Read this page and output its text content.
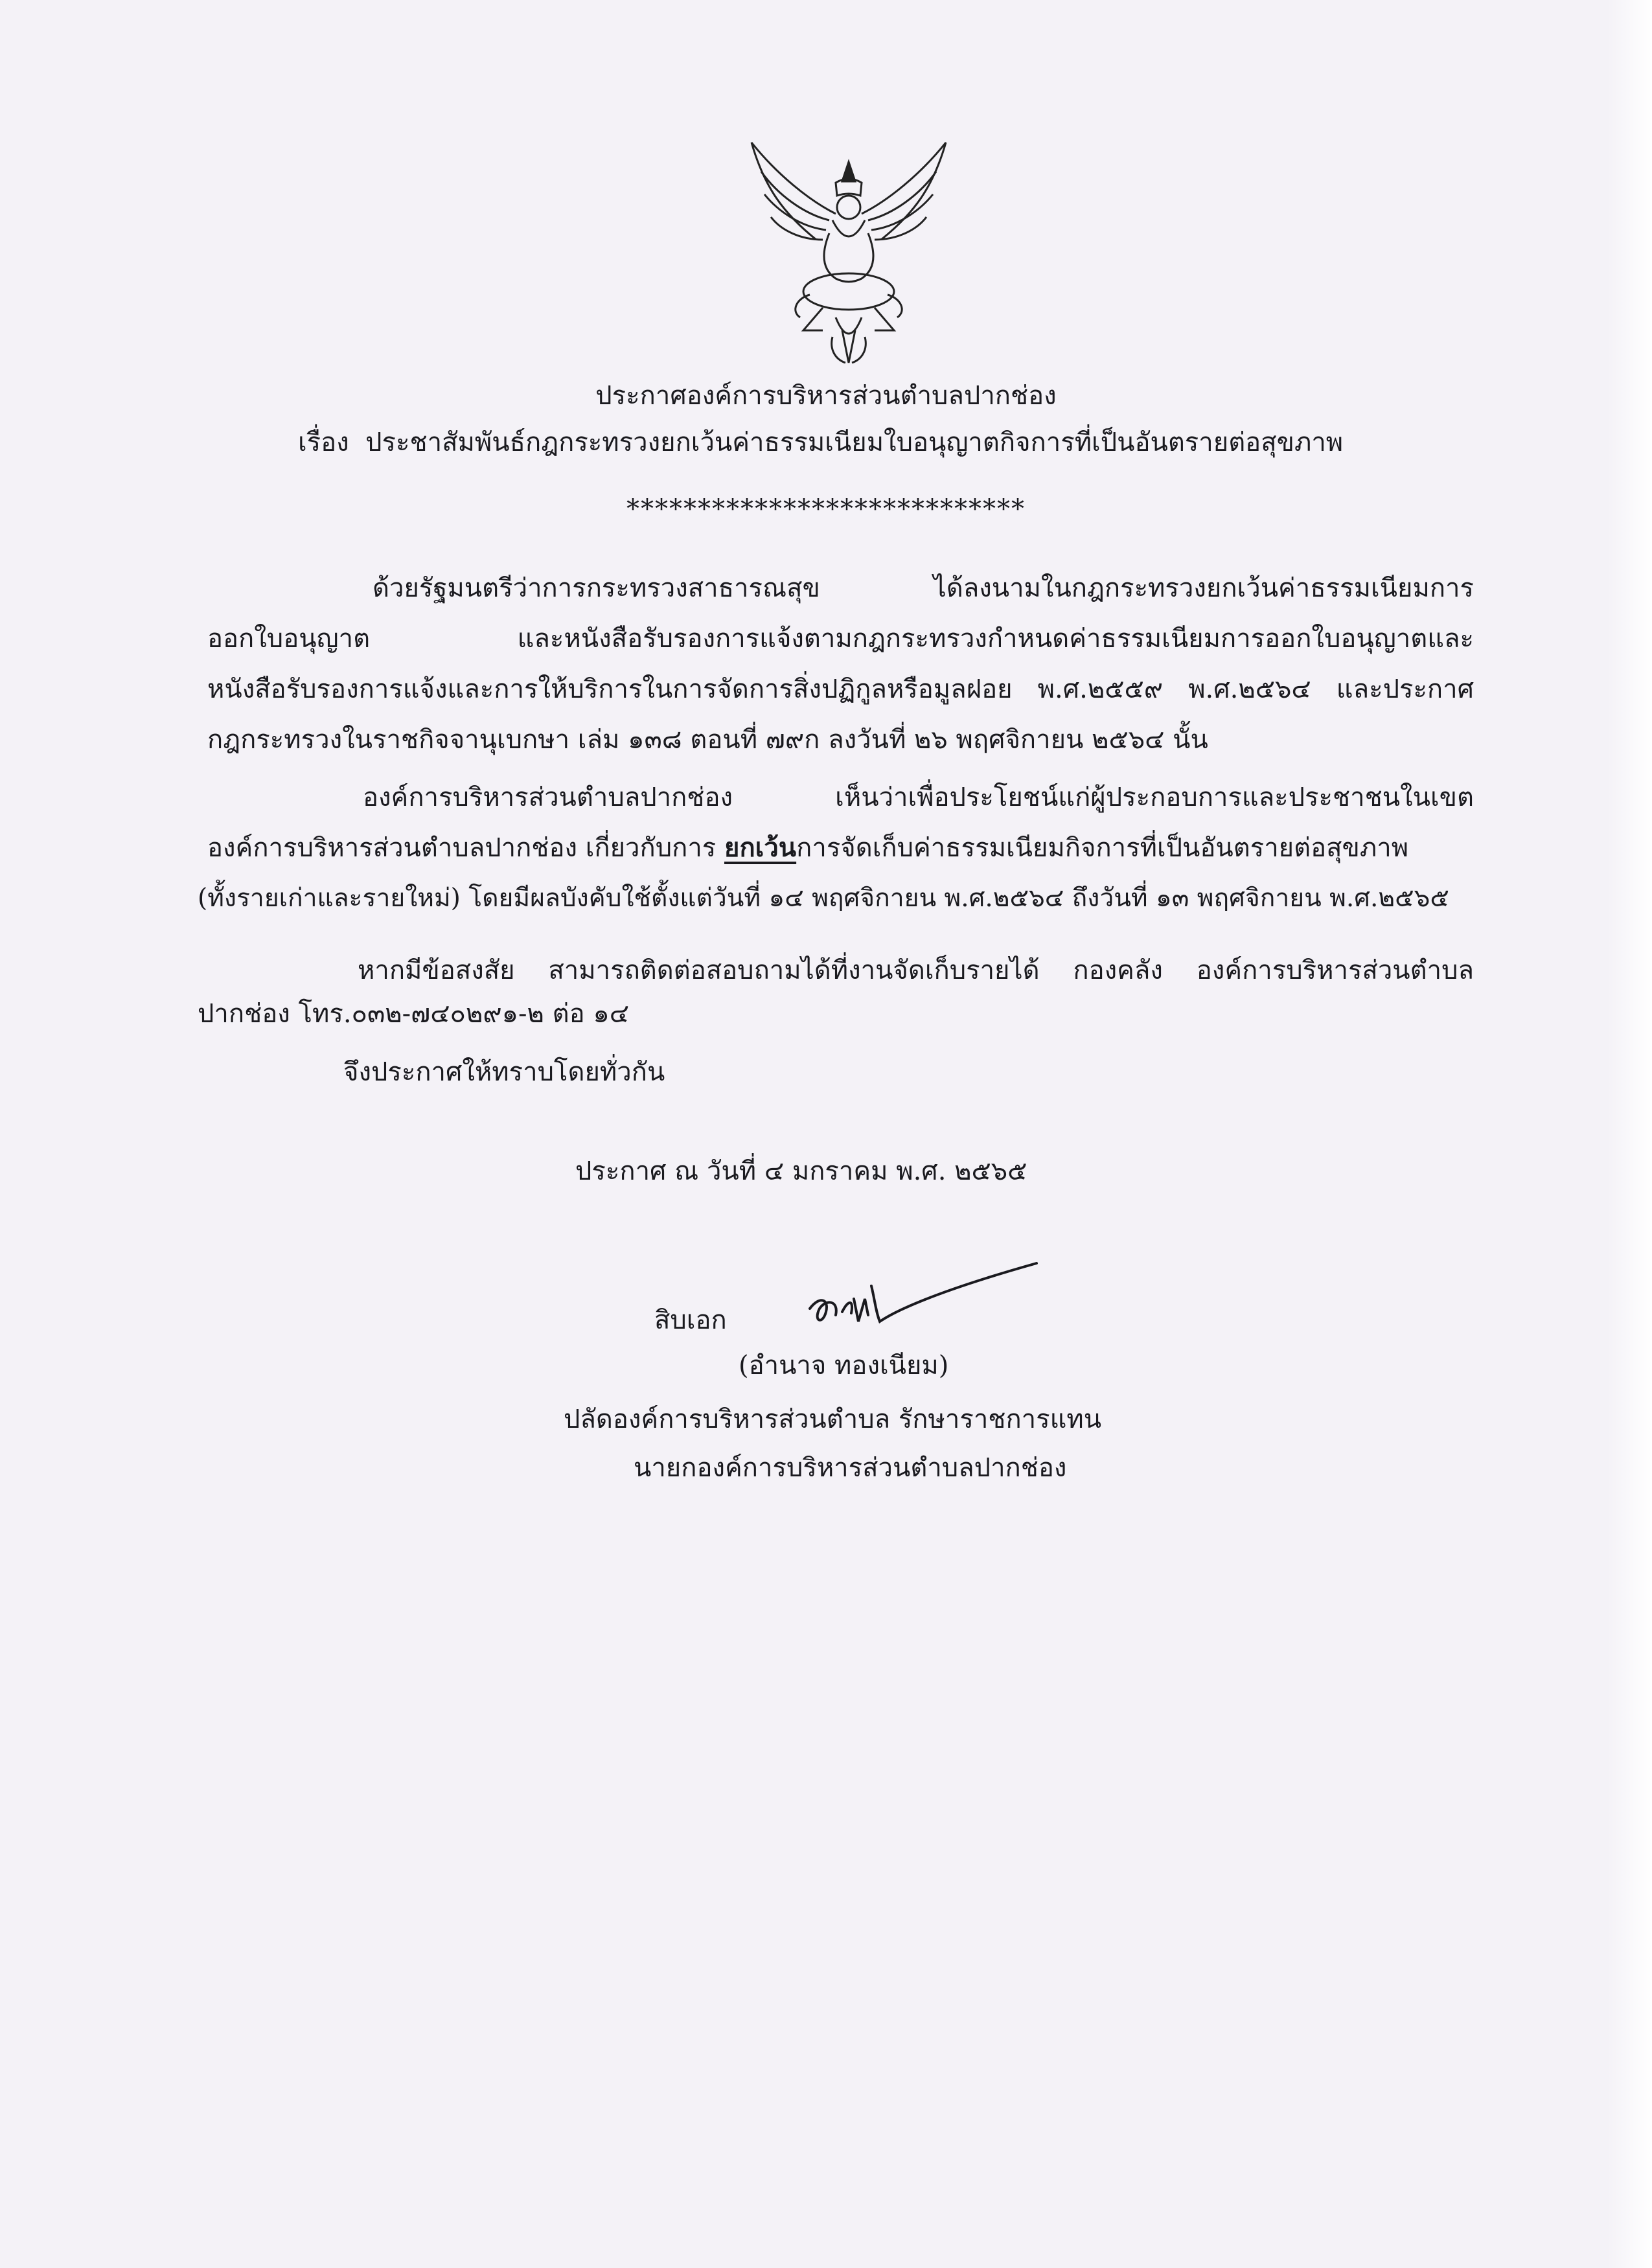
ประกาศองค์การบริหารส่วนตำบลปากช่อง
เรื่อง ประชาสัมพันธ์กฎกระทรวงยกเว้นค่าธรรมเนียมใบอนุญาตกิจการที่เป็นอันตรายต่อสุขภาพ
****************************
ด้วยรัฐมนตรีว่าการกระทรวงสาธารณสุข ได้ลงนามในกฎกระทรวงยกเว้นค่าธรรมเนียมการ
ออกใบอนุญาต และหนังสือรับรองการแจ้งตามกฎกระทรวงกำหนดค่าธรรมเนียมการออกใบอนุญาตและ
หนังสือรับรองการแจ้งและการให้บริการในการจัดการสิ่งปฏิกูลหรือมูลฝอย พ.ศ.๒๕๕๙ พ.ศ.๒๕๖๔ และประกาศ
กฎกระทรวงในราชกิจจานุเบกษา เล่ม ๑๓๘ ตอนที่ ๗๙ก ลงวันที่ ๒๖ พฤศจิกายน ๒๕๖๔ นั้น
องค์การบริหารส่วนตำบลปากช่อง เห็นว่าเพื่อประโยชน์แก่ผู้ประกอบการและประชาชนในเขต
องค์การบริหารส่วนตำบลปากช่อง เกี่ยวกับการ ยกเว้นการจัดเก็บค่าธรรมเนียมกิจการที่เป็นอันตรายต่อสุขภาพ
(ทั้งรายเก่าและรายใหม่) โดยมีผลบังคับใช้ตั้งแต่วันที่ ๑๔ พฤศจิกายน พ.ศ.๒๕๖๔ ถึงวันที่ ๑๓ พฤศจิกายน พ.ศ.๒๕๖๕
หากมีข้อสงสัย สามารถติดต่อสอบถามได้ที่งานจัดเก็บรายได้ กองคลัง องค์การบริหารส่วนตำบล
ปากช่อง โทร.๐๓๒-๗๔๐๒๙๑-๒ ต่อ ๑๔
จึงประกาศให้ทราบโดยทั่วกัน
ประกาศ ณ วันที่ ๔ มกราคม พ.ศ. ๒๕๖๕
สิบเอก
(อำนาจ ทองเนียม)
ปลัดองค์การบริหารส่วนตำบล รักษาราชการแทน
นายกองค์การบริหารส่วนตำบลปากช่อง
